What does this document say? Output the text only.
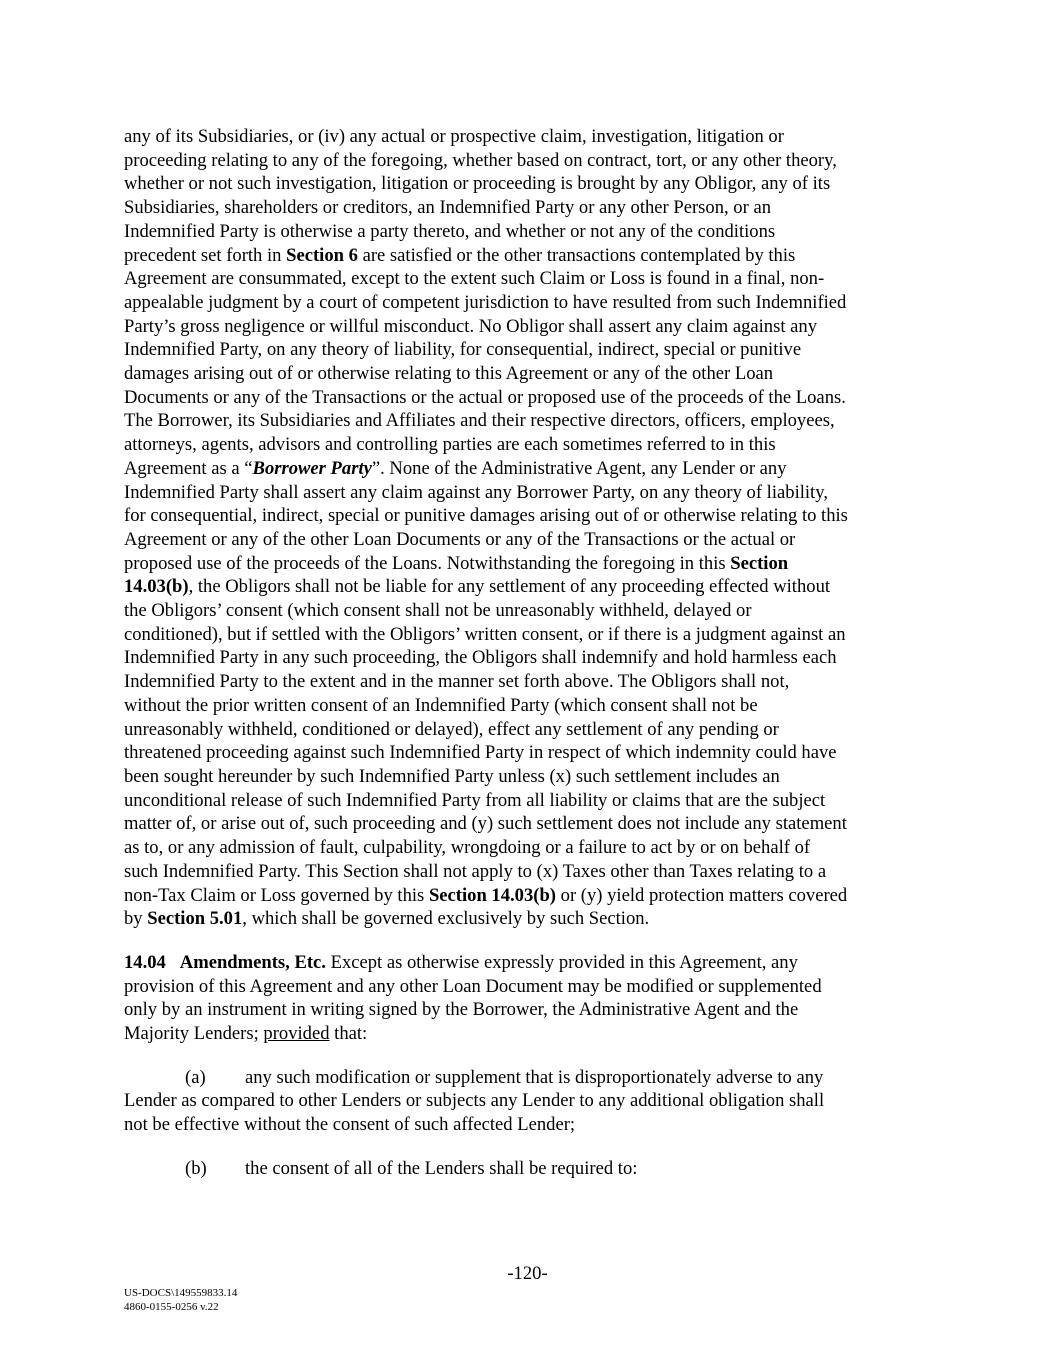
any of its Subsidiaries, or (iv) any actual or prospective claim, investigation, litigation or
proceeding relating to any of the foregoing, whether based on contract, tort, or any other theory,
whether or not such investigation, litigation or proceeding is brought by any Obligor, any of its
Subsidiaries, shareholders or creditors, an Indemnified Party or any other Person, or an
Indemnified Party is otherwise a party thereto, and whether or not any of the conditions
precedent set forth in Section 6 are satisfied or the other transactions contemplated by this
Agreement are consummated, except to the extent such Claim or Loss is found in a final, non-
appealable judgment by a court of competent jurisdiction to have resulted from such Indemnified
Party’s gross negligence or willful misconduct. No Obligor shall assert any claim against any
Indemnified Party, on any theory of liability, for consequential, indirect, special or punitive
damages arising out of or otherwise relating to this Agreement or any of the other Loan
Documents or any of the Transactions or the actual or proposed use of the proceeds of the Loans.
The Borrower, its Subsidiaries and Affiliates and their respective directors, officers, employees,
attorneys, agents, advisors and controlling parties are each sometimes referred to in this
Agreement as a “Borrower Party”. None of the Administrative Agent, any Lender or any
Indemnified Party shall assert any claim against any Borrower Party, on any theory of liability,
for consequential, indirect, special or punitive damages arising out of or otherwise relating to this
Agreement or any of the other Loan Documents or any of the Transactions or the actual or
proposed use of the proceeds of the Loans. Notwithstanding the foregoing in this Section
14.03(b), the Obligors shall not be liable for any settlement of any proceeding effected without
the Obligors’ consent (which consent shall not be unreasonably withheld, delayed or
conditioned), but if settled with the Obligors’ written consent, or if there is a judgment against an
Indemnified Party in any such proceeding, the Obligors shall indemnify and hold harmless each
Indemnified Party to the extent and in the manner set forth above. The Obligors shall not,
without the prior written consent of an Indemnified Party (which consent shall not be
unreasonably withheld, conditioned or delayed), effect any settlement of any pending or
threatened proceeding against such Indemnified Party in respect of which indemnity could have
been sought hereunder by such Indemnified Party unless (x) such settlement includes an
unconditional release of such Indemnified Party from all liability or claims that are the subject
matter of, or arise out of, such proceeding and (y) such settlement does not include any statement
as to, or any admission of fault, culpability, wrongdoing or a failure to act by or on behalf of
such Indemnified Party. This Section shall not apply to (x) Taxes other than Taxes relating to a
non-Tax Claim or Loss governed by this Section 14.03(b) or (y) yield protection matters covered
by Section 5.01, which shall be governed exclusively by such Section.
14.04 Amendments, Etc. Except as otherwise expressly provided in this Agreement, any
provision of this Agreement and any other Loan Document may be modified or supplemented
only by an instrument in writing signed by the Borrower, the Administrative Agent and the
Majority Lenders; provided that:
(a) any such modification or supplement that is disproportionately adverse to any
Lender as compared to other Lenders or subjects any Lender to any additional obligation shall
not be effective without the consent of such affected Lender;
(b) the consent of all of the Lenders shall be required to:
-120-
US-DOCS\149559833.14
4860-0155-0256 v.22
